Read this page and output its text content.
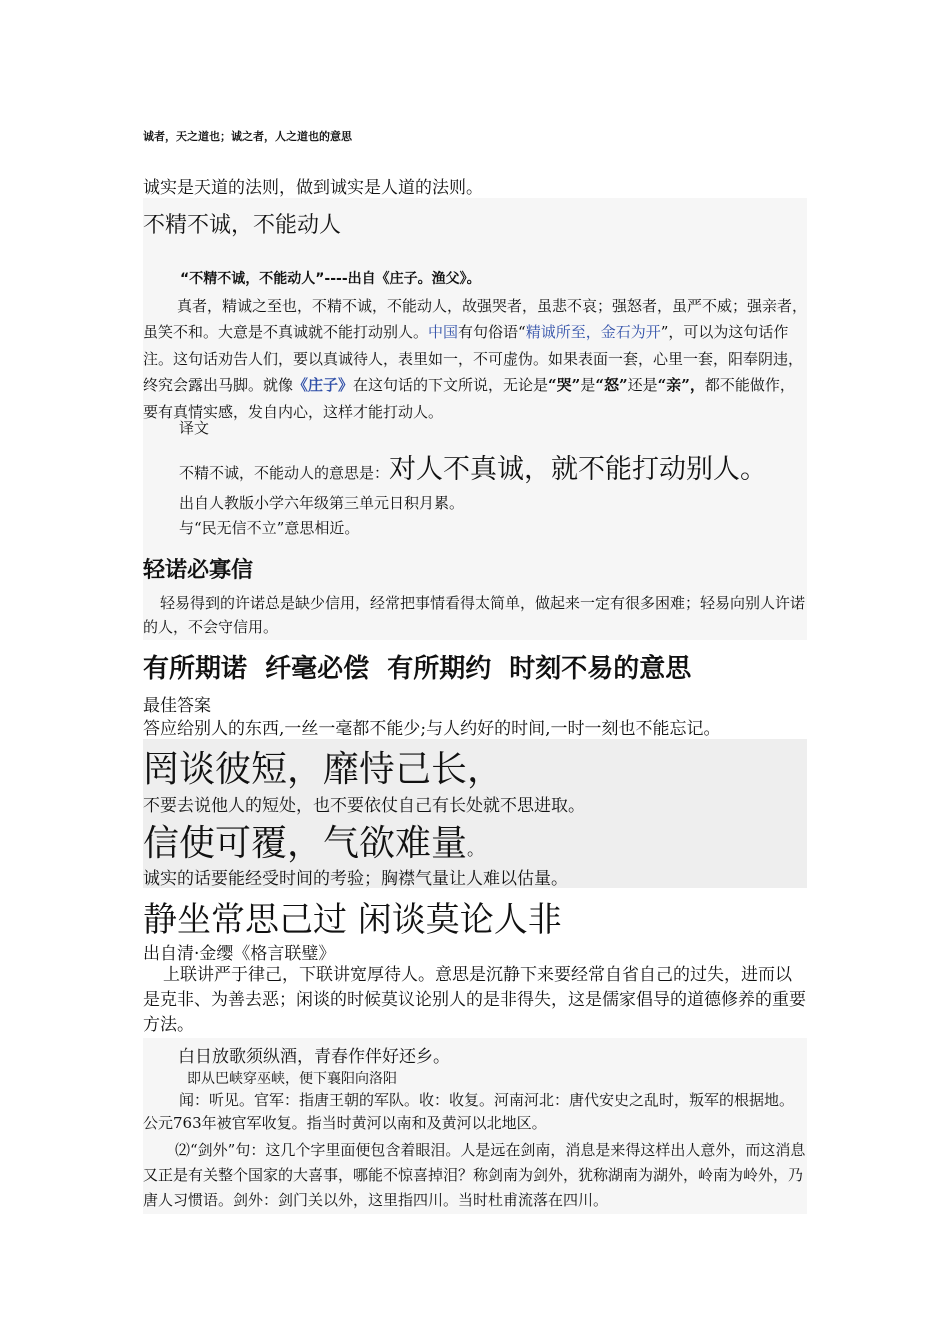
诚者，天之道也；诚之者，人之道也的意思
诚实是天道的法则，做到诚实是人道的法则。
不精不诚，不能动人
“不精不诚，不能动人”----出自《庄子。渔父》。
真者，精诚之至也，不精不诚，不能动人，故强哭者，虽悲不哀；强怒者，虽严不威；强亲者，虽笑不和。大意是不真诚就不能打动别人。中国有句俗语“精诚所至，金石为开”，可以为这句话作注。这句话劝告人们，要以真诚待人，表里如一，不可虚伪。如果表面一套，心里一套，阳奉阴违，终究会露出马脚。就像《庄子》在这句话的下文所说，无论是“哭”是“怒”还是“亲”，都不能做作，要有真情实感，发自内心，这样才能打动人。
译文
不精不诚，不能动人的意思是：对人不真诚，就不能打动别人。
出自人教版小学六年级第三单元日积月累。
与“民无信不立”意思相近。
轻诺必寡信
轻易得到的许诺总是缺少信用，经常把事情看得太简单，做起来一定有很多困难；轻易向别人许诺的人，不会守信用。
有所期诺  纤毫必偿  有所期约  时刻不易的意思
最佳答案
答应给别人的东西,一丝一毫都不能少;与人约好的时间,一时一刻也不能忘记。
罔谈彼短，靡恃己长，
不要去说他人的短处，也不要依仗自己有长处就不思进取。
信使可覆，气欲难量。
诚实的话要能经受时间的考验；胸襟气量让人难以估量。
静坐常思己过 闲谈莫论人非
出自清·金缨《格言联璧》
上联讲严于律己，下联讲宽厚待人。意思是沉静下来要经常自省自己的过失，进而以是克非、为善去恶；闲谈的时候莫议论别人的是非得失，这是儒家倡导的道德修养的重要方法。
白日放歌须纵酒，青春作伴好还乡。
即从巴峡穿巫峡，便下襄阳向洛阳
闻：听见。官军：指唐王朝的军队。收：收复。河南河北：唐代安史之乱时，叛军的根据地。公元763年被官军收复。指当时黄河以南和及黄河以北地区。
⑵“剑外”句：这几个字里面便包含着眼泪。人是远在剑南，消息是来得这样出人意外，而这消息又正是有关整个国家的大喜事，哪能不惊喜掉泪？称剑南为剑外，犹称湖南为湖外，岭南为岭外，乃唐人习惯语。剑外：剑门关以外，这里指四川。当时杜甫流落在四川。
